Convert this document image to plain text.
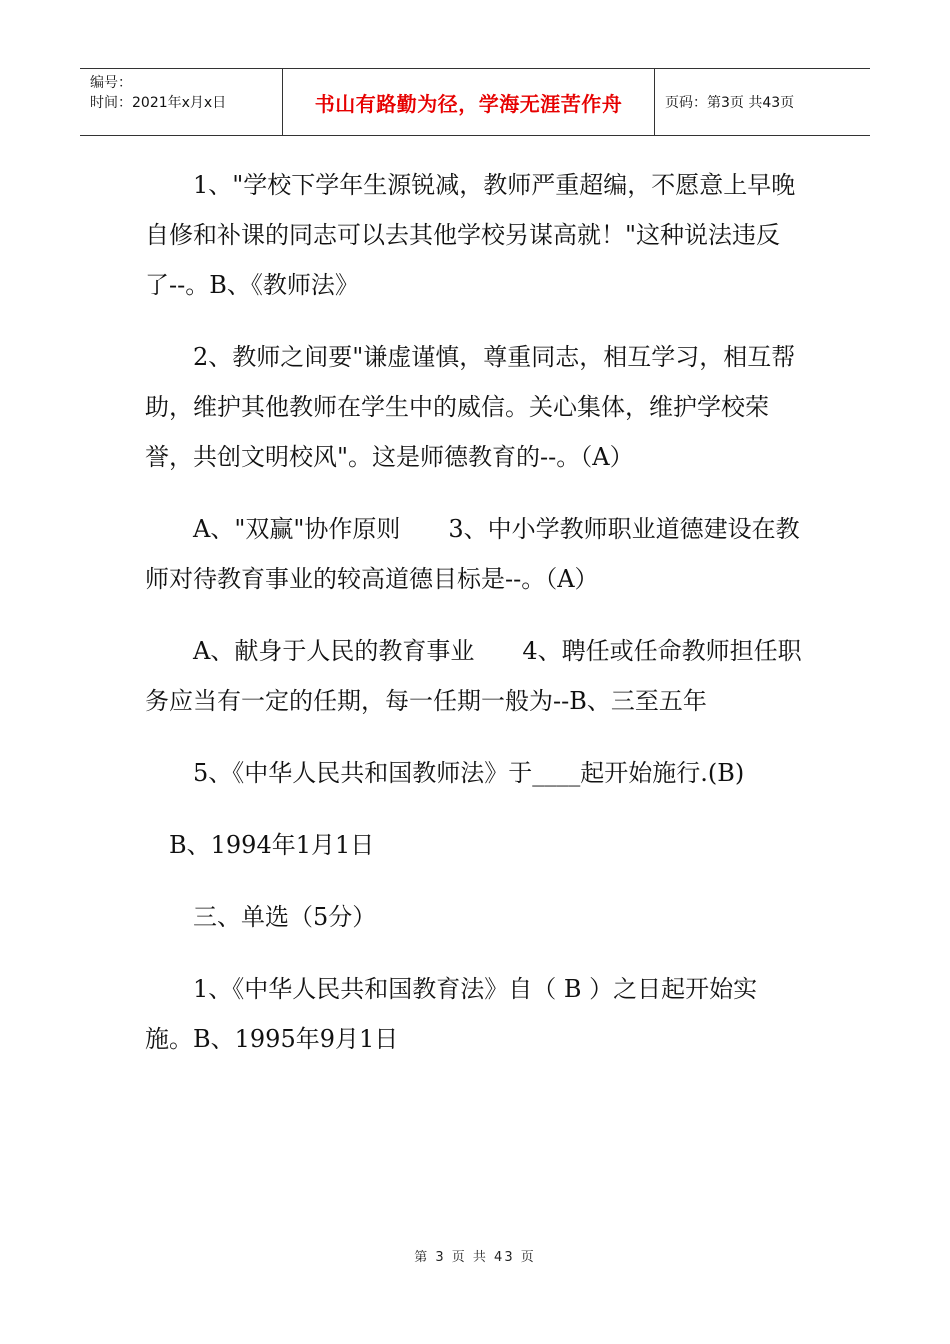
编号：
时间：2021年x月x日	书山有路勤为径，学海无涯苦作舟	页码：第3页 共43页

1、"学校下学年生源锐减，教师严重超编，不愿意上早晚自修和补课的同志可以去其他学校另谋高就！"这种说法违反了--。B、《教师法》

2、教师之间要"谦虚谨慎，尊重同志，相互学习，相互帮助，维护其他教师在学生中的威信。关心集体，维护学校荣誉，共创文明校风"。这是师德教育的--。（A）

A、"双赢"协作原则　　3、中小学教师职业道德建设在教师对待教育事业的较高道德目标是--。（A）

A、献身于人民的教育事业　　4、聘任或任命教师担任职务应当有一定的任期，每一任期一般为--B、三至五年

5、《中华人民共和国教师法》于____起开始施行.(B)

B、1994年1月1日

三、单选（5分）

1、《中华人民共和国教育法》自（ B ）之日起开始实施。B、1995年9月1日

第 3 页 共 43 页
